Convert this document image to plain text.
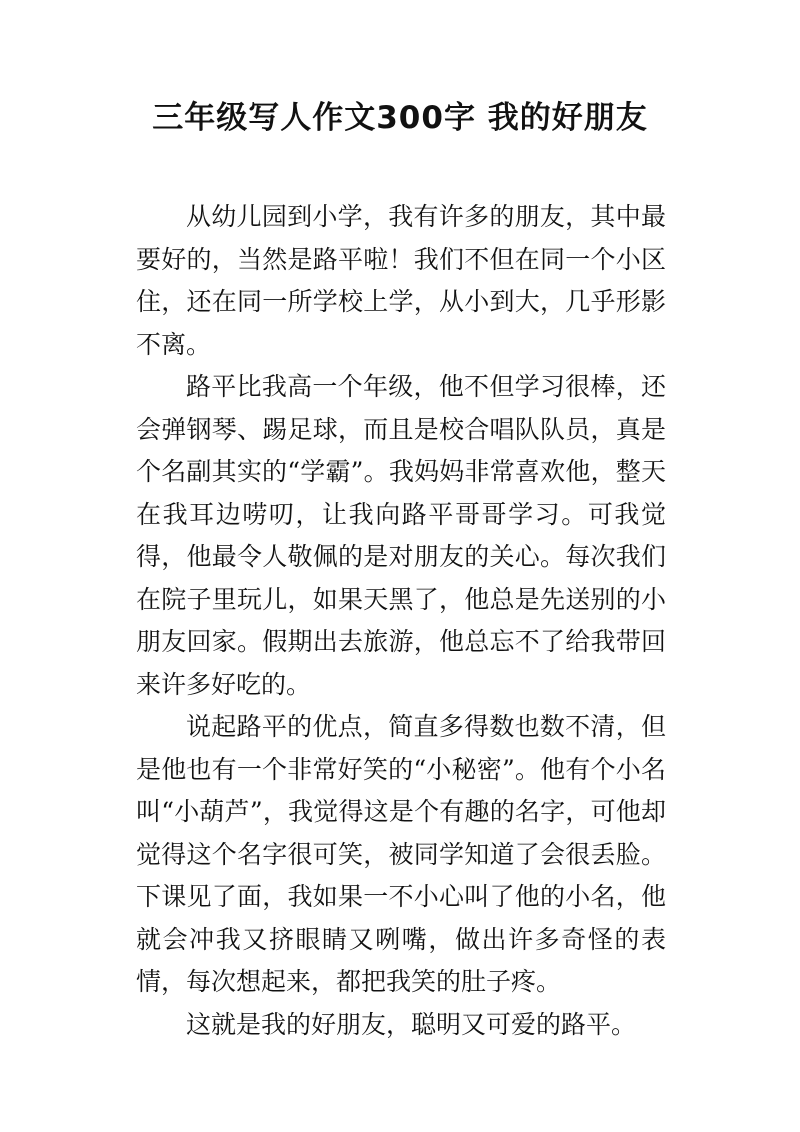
三年级写人作文300字 我的好朋友

从幼儿园到小学，我有许多的朋友，其中最要好的，当然是路平啦！我们不但在同一个小区住，还在同一所学校上学，从小到大，几乎形影不离。

路平比我高一个年级，他不但学习很棒，还会弹钢琴、踢足球，而且是校合唱队队员，真是个名副其实的“学霸”。我妈妈非常喜欢他，整天在我耳边唠叨，让我向路平哥哥学习。可我觉得，他最令人敬佩的是对朋友的关心。每次我们在院子里玩儿，如果天黑了，他总是先送别的小朋友回家。假期出去旅游，他总忘不了给我带回来许多好吃的。

说起路平的优点，简直多得数也数不清，但是他也有一个非常好笑的“小秘密”。他有个小名叫“小葫芦”，我觉得这是个有趣的名字，可他却觉得这个名字很可笑，被同学知道了会很丢脸。下课见了面，我如果一不小心叫了他的小名，他就会冲我又挤眼睛又咧嘴，做出许多奇怪的表情，每次想起来，都把我笑的肚子疼。

这就是我的好朋友，聪明又可爱的路平。
